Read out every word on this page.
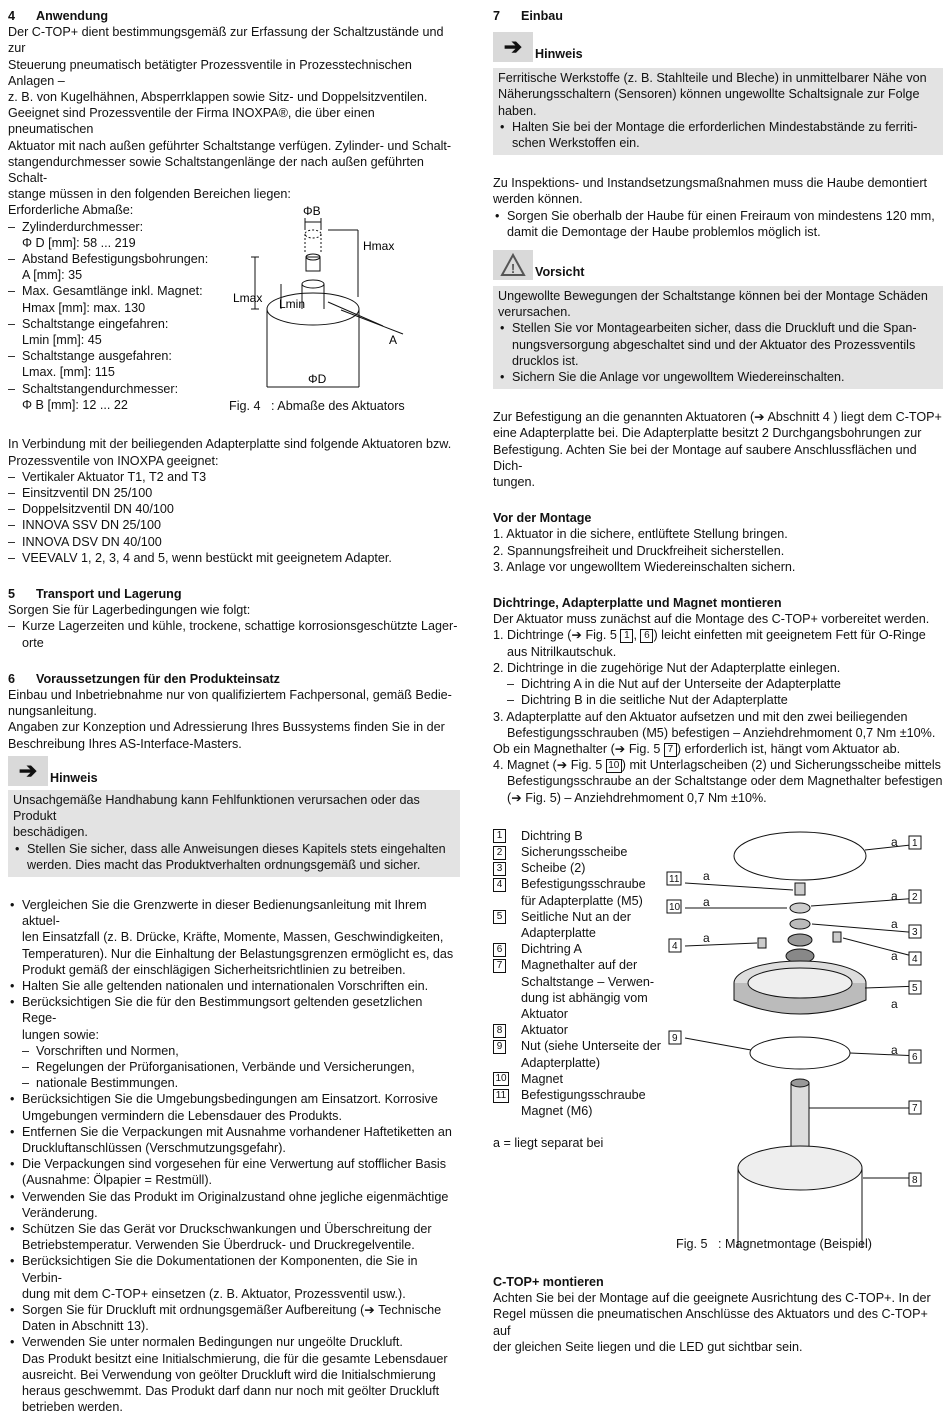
4	Anwendung

Der C-TOP+ dient bestimmungsgemäß zur Erfassung der Schaltzustände und zur
Steuerung pneumatisch betätigter Prozessventile in Prozesstechnischen Anlagen –
z. B. von Kugelhähnen, Absperrklappen sowie Sitz- und Doppelsitzventilen.
Geeignet sind Prozessventile der Firma INOXPA®, die über einen pneumatischen
Aktuator mit nach außen geführter Schaltstange verfügen. Zylinder- und Schalt-
stangendurchmesser sowie Schaltstangenlänge der nach außen geführten Schalt-
stange müssen in den folgenden Bereichen liegen:

Erforderliche Abmaße:

– Zylinderdurchmesser:
Φ D [mm]: 58 ... 219
– Abstand Befestigungsbohrungen:
A [mm]: 35
– Max. Gesamtlänge inkl. Magnet:
Hmax [mm]: max. 130
– Schaltstange eingefahren:
Lmin [mm]: 45
– Schaltstange ausgefahren:
Lmax. [mm]: 115
– Schaltstangendurchmesser:
Φ B [mm]: 12 ... 22
ΦB
Hmax
Lmax Lmin
A
ΦD
Fig. 4 : Abmaße des Aktuators

In Verbindung mit der beiliegenden Adapterplatte sind folgende Aktuatoren bzw.
Prozessventile von INOXPA geeignet:

– Vertikaler Aktuator T1, T2 and T3
– Einsitzventil DN 25/100
– Doppelsitzventil DN 40/100
– INNOVA SSV DN 25/100
– INNOVA DSV DN 40/100
– VEEVALV 1, 2, 3, 4 and 5, wenn bestückt mit geeignetem Adapter.
5	Transport und Lagerung

Sorgen Sie für Lagerbedingungen wie folgt:

– Kurze Lagerzeiten und kühle, trockene, schattige korrosionsgeschützte Lager-
orte
6	Voraussetzungen für den Produkteinsatz

Einbau und Inbetriebnahme nur von qualifiziertem Fachpersonal, gemäß Bedie-
nungsanleitung.
Angaben zur Konzeption und Adressierung Ihres Bussystems finden Sie in der
Beschreibung Ihres AS-Interface-Masters.

➔	Hinweis

Unsachgemäße Handhabung kann Fehlfunktionen verursachen oder das Produkt
beschädigen.

• Stellen Sie sicher, dass alle Anweisungen dieses Kapitels stets eingehalten
werden. Dies macht das Produktverhalten ordnungsgemäß und sicher.
• Vergleichen Sie die Grenzwerte in dieser Bedienungsanleitung mit Ihrem aktuel-
len Einsatzfall (z. B. Drücke, Kräfte, Momente, Massen, Geschwindigkeiten,
Temperaturen). Nur die Einhaltung der Belastungsgrenzen ermöglicht es, das
Produkt gemäß der einschlägigen Sicherheitsrichtlinien zu betreiben.
• Halten Sie alle geltenden nationalen und internationalen Vorschriften ein.
• Berücksichtigen Sie die für den Bestimmungsort geltenden gesetzlichen Rege-
lungen sowie:
– Vorschriften und Normen,
– Regelungen der Prüforganisationen, Verbände und Versicherungen,
– nationale Bestimmungen.
• Berücksichtigen Sie die Umgebungsbedingungen am Einsatzort. Korrosive
Umgebungen vermindern die Lebensdauer des Produkts.
• Entfernen Sie die Verpackungen mit Ausnahme vorhandener Haftetiketten an
Druckluftanschlüssen (Verschmutzungsgefahr).
• Die Verpackungen sind vorgesehen für eine Verwertung auf stofflicher Basis
(Ausnahme: Ölpapier = Restmüll).
• Verwenden Sie das Produkt im Originalzustand ohne jegliche eigenmächtige
Veränderung.
• Schützen Sie das Gerät vor Druckschwankungen und Überschreitung der
Betriebstemperatur. Verwenden Sie Überdruck- und Druckregelventile.
• Berücksichtigen Sie die Dokumentationen der Komponenten, die Sie in Verbin-
dung mit dem C-TOP+ einsetzen (z. B. Aktuator, Prozessventil usw.).
• Sorgen Sie für Druckluft mit ordnungsgemäßer Aufbereitung (➔ Technische
Daten in Abschnitt 13).
• Verwenden Sie unter normalen Bedingungen nur ungeölte Druckluft.
Das Produkt besitzt eine Initialschmierung, die für die gesamte Lebensdauer
ausreicht. Bei Verwendung von geölter Druckluft wird die Initialschmierung
heraus geschwemmt. Das Produkt darf dann nur noch mit geölter Druckluft
betrieben werden.
7	Einbau
➔	Hinweis

Ferritische Werkstoffe (z. B. Stahlteile und Bleche) in unmittelbarer Nähe von
Näherungsschaltern (Sensoren) können ungewollte Schaltsignale zur Folge
haben.

• Halten Sie bei der Montage die erforderlichen Mindestabstände zu ferriti-
schen Werkstoffen ein.

Zu Inspektions- und Instandsetzungsmaßnahmen muss die Haube demontiert
werden können.

• Sorgen Sie oberhalb der Haube für einen Freiraum von mindestens 120 mm,
damit die Demontage der Haube problemlos möglich ist.
! Vorsicht

Ungewollte Bewegungen der Schaltstange können bei der Montage Schäden
verursachen.

• Stellen Sie vor Montagearbeiten sicher, dass die Druckluft und die Span-
nungsversorgung abgeschaltet sind und der Aktuator des Prozessventils
drucklos ist.
• Sichern Sie die Anlage vor ungewolltem Wiedereinschalten.

Zur Befestigung an die genannten Aktuatoren (➔ Abschnitt 4 ) liegt dem C-TOP+
eine Adapterplatte bei. Die Adapterplatte besitzt 2 Durchgangsbohrungen zur
Befestigung. Achten Sie bei der Montage auf saubere Anschlussflächen und Dich-
tungen.

Vor der Montage

1. Aktuator in die sichere, entlüftete Stellung bringen.
2. Spannungsfreiheit und Druckfreiheit sicherstellen.
3. Anlage vor ungewolltem Wiedereinschalten sichern.

Dichtringe, Adapterplatte und Magnet montieren

Der Aktuator muss zunächst auf die Montage des C-TOP+ vorbereitet werden.

1. Dichtringe (➔ Fig. 5 1 , 6 ) leicht einfetten mit geeignetem Fett für O-Ringe
aus Nitrilkautschuk.

2. Dichtringe in die zugehörige Nut der Adapterplatte einlegen.

– Dichtring A in die Nut auf der Unterseite der Adapterplatte
– Dichtring B in die seitliche Nut der Adapterplatte

3. Adapterplatte auf den Aktuator aufsetzen und mit den zwei beiliegenden
Befestigungsschrauben (M5) befestigen – Anziehdrehmoment 0,7 Nm ±10%.

Ob ein Magnethalter (➔ Fig. 5 7 ) erforderlich ist, hängt vom Aktuator ab.

4. Magnet (➔ Fig. 5 10 ) mit Unterlagscheiben (2) und Sicherungsscheibe mittels
Befestigungsschraube an der Schaltstange oder dem Magnethalter befestigen
(➔ Fig. 5) – Anziehdrehmoment 0,7 Nm ±10%.

1	Dichtring B
2	Sicherungsscheibe
3	Scheibe (2)
4	Befestigungsschraube
für Adapterplatte (M5)
5	Seitliche Nut an der
Adapterplatte
6	Dichtring A
7	Magnethalter auf der
Schaltstange – Verwen-
dung ist abhängig vom
Aktuator
8	Aktuator
9	Nut (siehe Unterseite der
Adapterplatte)
10	Magnet
11	Befestigungsschraube
Magnet (M6)

a = liegt separat bei

a
a
a
a
a
a
a
a
a
11
10
4
9
1
2
3
4
5
6
7
8
Fig. 5 : Magnetmontage (Beispiel)

C-TOP+ montieren

Achten Sie bei der Montage auf die geeignete Ausrichtung des C-TOP+. In der
Regel müssen die pneumatischen Anschlüsse des Aktuators und des C-TOP+ auf
der gleichen Seite liegen und die LED gut sichtbar sein.
